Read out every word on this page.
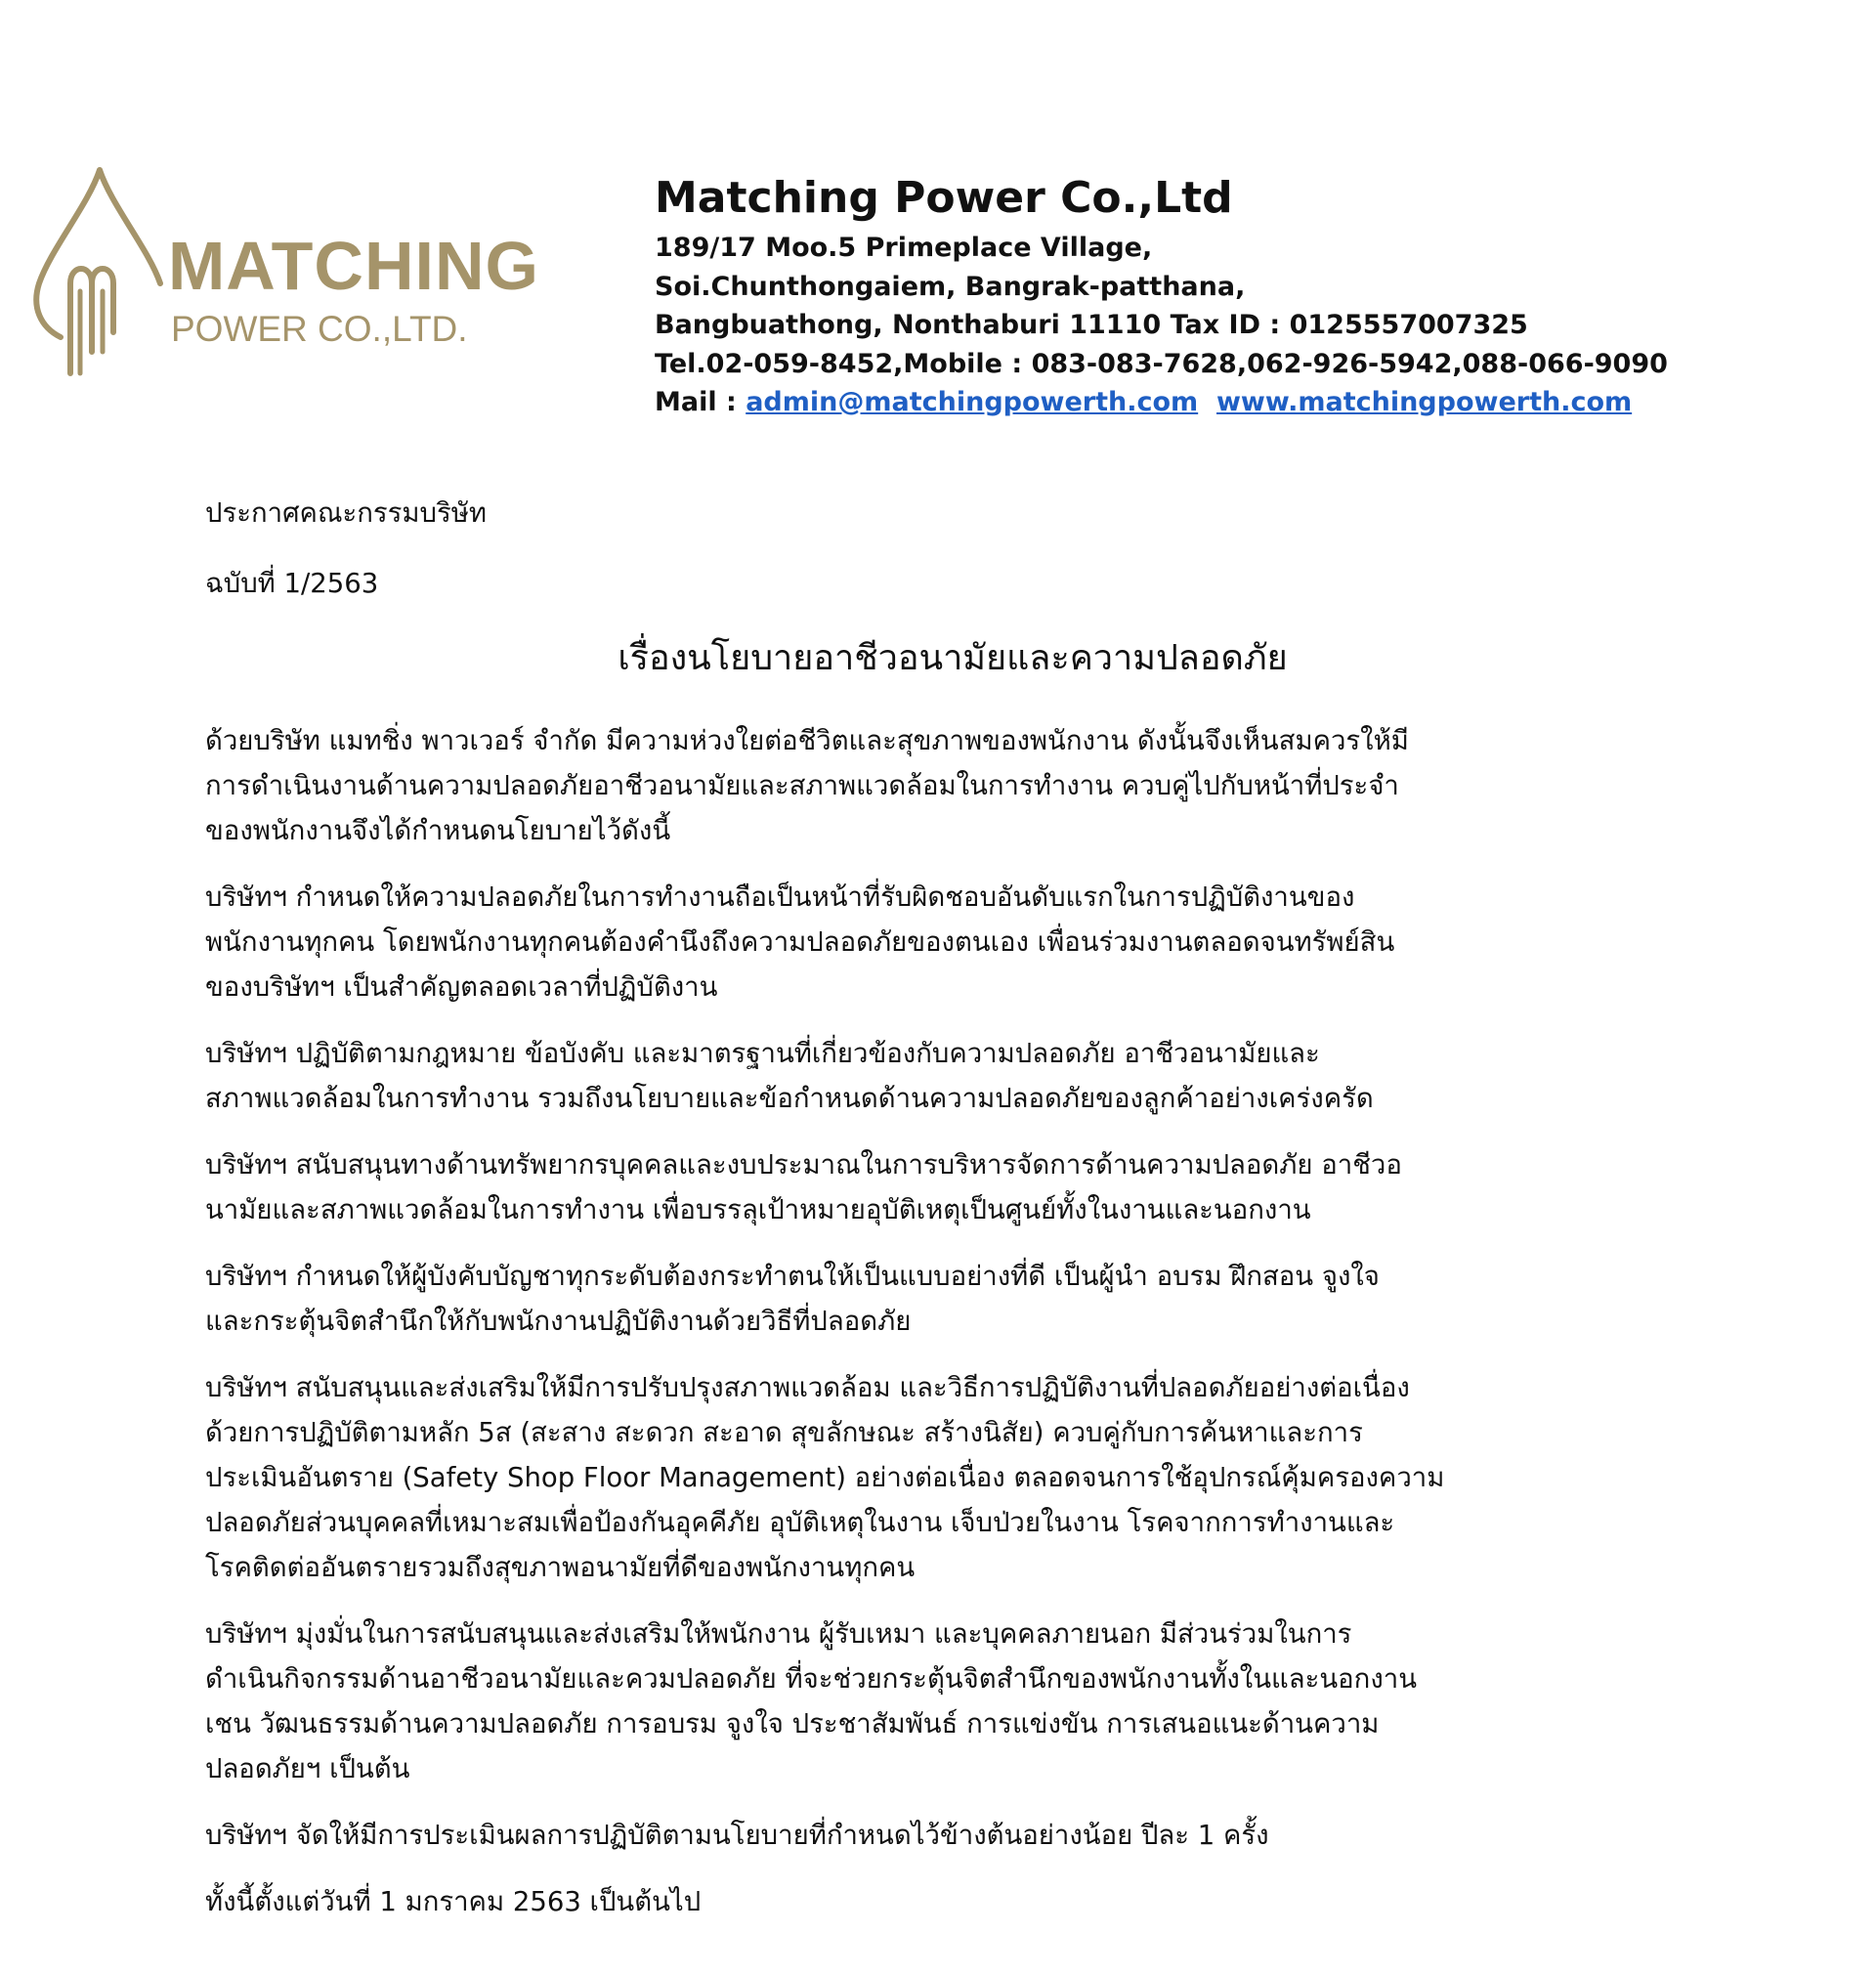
MATCHING
POWER CO.,LTD.
Matching Power Co.,Ltd
189/17 Moo.5 Primeplace Village,
Soi.Chunthongaiem, Bangrak-patthana,
Bangbuathong, Nonthaburi 11110 Tax ID : 0125557007325
Tel.02-059-8452,Mobile : 083-083-7628,062-926-5942,088-066-9090
Mail : admin@matchingpowerth.com www.matchingpowerth.com
ประกาศคณะกรรมบริษัท
ฉบับที่ 1/2563
เรื่องนโยบายอาชีวอนามัยและความปลอดภัย
ด้วยบริษัท แมทชิ่ง พาวเวอร์ จำกัด มีความห่วงใยต่อชีวิตและสุขภาพของพนักงาน ดังนั้นจึงเห็นสมควรให้มี
การดำเนินงานด้านความปลอดภัยอาชีวอนามัยและสภาพแวดล้อมในการทำงาน ควบคู่ไปกับหน้าที่ประจำ
ของพนักงานจึงได้กำหนดนโยบายไว้ดังนี้
บริษัทฯ กำหนดให้ความปลอดภัยในการทำงานถือเป็นหน้าที่รับผิดชอบอันดับแรกในการปฏิบัติงานของ
พนักงานทุกคน โดยพนักงานทุกคนต้องคำนึงถึงความปลอดภัยของตนเอง เพื่อนร่วมงานตลอดจนทรัพย์สิน
ของบริษัทฯ เป็นสำคัญตลอดเวลาที่ปฏิบัติงาน
บริษัทฯ ปฏิบัติตามกฎหมาย ข้อบังคับ และมาตรฐานที่เกี่ยวข้องกับความปลอดภัย อาชีวอนามัยและ
สภาพแวดล้อมในการทำงาน รวมถึงนโยบายและข้อกำหนดด้านความปลอดภัยของลูกค้าอย่างเคร่งครัด
บริษัทฯ สนับสนุนทางด้านทรัพยากรบุคคลและงบประมาณในการบริหารจัดการด้านความปลอดภัย อาชีวอ
นามัยและสภาพแวดล้อมในการทำงาน เพื่อบรรลุเป้าหมายอุบัติเหตุเป็นศูนย์ทั้งในงานและนอกงาน
บริษัทฯ กำหนดให้ผู้บังคับบัญชาทุกระดับต้องกระทำตนให้เป็นแบบอย่างที่ดี เป็นผู้นำ อบรม ฝึกสอน จูงใจ
และกระตุ้นจิตสำนึกให้กับพนักงานปฏิบัติงานด้วยวิธีที่ปลอดภัย
บริษัทฯ สนับสนุนและส่งเสริมให้มีการปรับปรุงสภาพแวดล้อม และวิธีการปฏิบัติงานที่ปลอดภัยอย่างต่อเนื่อง
ด้วยการปฏิบัติตามหลัก 5ส (สะสาง สะดวก สะอาด สุขลักษณะ สร้างนิสัย) ควบคู่กับการค้นหาและการ
ประเมินอันตราย (Safety Shop Floor Management) อย่างต่อเนื่อง ตลอดจนการใช้อุปกรณ์คุ้มครองความ
ปลอดภัยส่วนบุคคลที่เหมาะสมเพื่อป้องกันอุคคีภัย อุบัติเหตุในงาน เจ็บป่วยในงาน โรคจากการทำงานและ
โรคติดต่ออันตรายรวมถึงสุขภาพอนามัยที่ดีของพนักงานทุกคน
บริษัทฯ มุ่งมั่นในการสนับสนุนและส่งเสริมให้พนักงาน ผู้รับเหมา และบุคคลภายนอก มีส่วนร่วมในการ
ดำเนินกิจกรรมด้านอาชีวอนามัยและควมปลอดภัย ที่จะช่วยกระตุ้นจิตสำนึกของพนักงานทั้งในและนอกงาน
เชน วัฒนธรรมด้านความปลอดภัย การอบรม จูงใจ ประชาสัมพันธ์ การแข่งขัน การเสนอแนะด้านความ
ปลอดภัยฯ เป็นต้น
บริษัทฯ จัดให้มีการประเมินผลการปฏิบัติตามนโยบายที่กำหนดไว้ข้างต้นอย่างน้อย ปีละ 1 ครั้ง
ทั้งนี้ตั้งแต่วันที่ 1 มกราคม 2563 เป็นต้นไป
